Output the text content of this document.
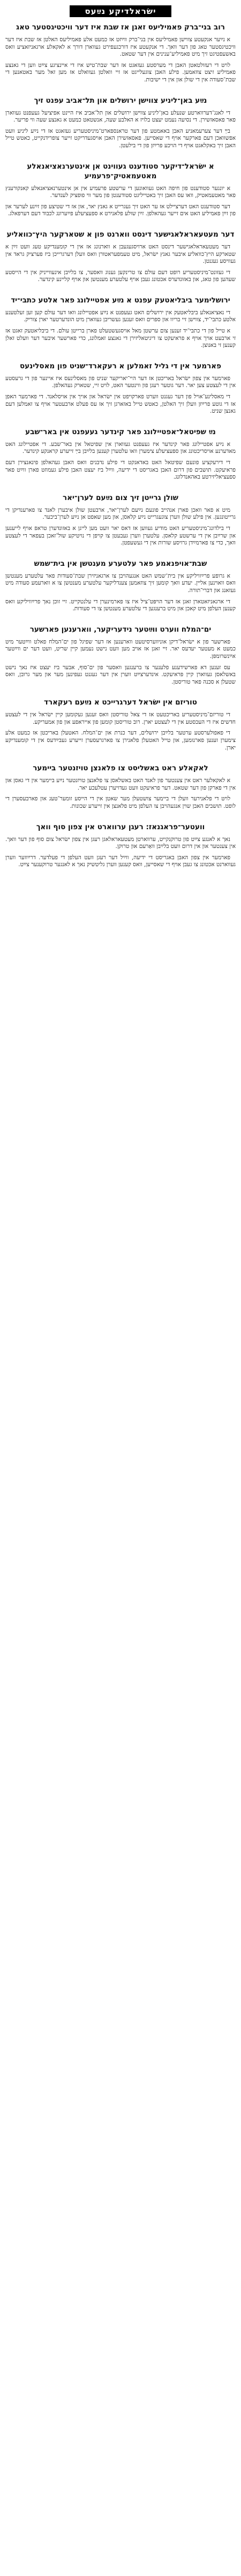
ישׂראלדיקע נײַעס
רוב בני־ברק פאמיליעס זאגן אז שבת איז דער וויכטיגסטער טאג

א נײַער אנקעטע צווישן פאמיליעס אין בני־ברק ווײַזט אז כמעט אלע פאמיליעס האלטן אז שבת איז דער וויכטיגסטער טאג פון דער וואך. די אנקעטע איז דורכגעפירט געווארן דורך א לאקאלע ארגאניזאציע וואס באשעפטיגט זיך מיט פאמיליע־ענינים אין דער שטאט.

לויט די רעזולטאטן האבן די מערסטע געזאגט אז דער שבת־טיש איז די איינציגע צײַט ווען די גאנצע פאמיליע זיצט צוזאמען. פילע האבן צוגעלייגט אז זיי וואלטן געוואלט אז מען זאל מער באטאנען די שבת־סעודה אין די שולן און אין די ישיבות.

נײַע באן־ליניע צווישן ירושלים און תל־אביב עפנט זיך

די לאנג־דערווארטע שנעלע באן־ליניע צווישן ירושלים און תל־אביב איז היינט אפיציעל געעפנט געווארן פאר פאסאזשירן. די נסיעה נעמט יעצט בלויז א האלבע שעה, אנשטאט כמעט א גאנצע שעה ווי פריער.

בײַ דער צערעמאניע האבן באאמטע פון דער טראנספארט־מיניסטעריע געזאגט אז די נײַע ליניע וועט אפשוואכן דעם פארקער אויף די שאסייען. פאסאזשירן האבן אויסגעדריקט זייער צופרידנקייט, כאטש טייל האבן זיך באקלאגט אויף די הויכע פרײַזן פון די בילעטן.

א ישׂראל־דיקער סטודענט געווינט אן אינטערנאציאנאלע מאטעמאטיק־פרעמיע

א יונגער סטודענט פון חיפה האט געוואונען די ערשטע פרעמיע אין אן אינטערנאציאנאלע קאנקורענץ פאר מאטעמאטיק, וואו עס האבן זיך באטייליגט סטודענטן פון מער ווי פופציק לענדער.

דער סטודענט האט דערציילט אז ער האט זיך געגרייט א גאנץ יאר, און אז די שטיצע פון זײַנע לערער און פון זײַן פאמיליע האט אים זייער געהאלפן. זײַן שולע פלאנירט א ספעציעלע פײַערונג לכבוד דעם דערפאלג.

דער מעטעאראלאגישער דינסט ווארנט פון א שטארקער היץ־כוואליע

דער מעטעאראלאגישער דינסט האט ארויסגעגעבן א ווארנונג אז אין די קומענדיקע טעג וועט זײַן א שטארקע היץ־כוואליע איבער גאנץ ישׂראל, מיט טעמפעראטורן וואס וועלן דערגרייכן ביז פערציק גראד אין געוויסע געגנטן.

די געזונט־מיניסטעריע רופט דעם עולם צו טרינקען גענוג וואסער, צו בלײַבן אינעווייניק אין די הייסטע שעהען פון טאג, און באזונדערס אכטונג געבן אויף עלטערע מענטשן און אויף קליינע קינדער.

ירושלימער ביבליאטעק עפנט א נײַע אפטיילונג פאר אלטע כתבי־יד

די נאציאנאלע ביבליאטעק אין ירושלים האט געעפנט א נײַע אפטיילונג וואו דער עולם קען זען זעלטענע אלטע כתבי־יד, צווישן זיי בריוו און ספרים וואס זענען געשריבן געווארן מיט הונדערטער יארן צוריק.

א טייל פון די כתבי־יד זענען צום ערשטן מאל אויסגעשטעלט פארן ברייטן עולם. די ביבליאטעק זאגט אז זי ארבעט אויך אויף א פראיעקט צו דיגיטאליזירן די גאנצע זאמלונג, כדי פארשער איבער דער וועלט זאלן קענען זי באנוצן.

פארמער אין די גליל זאמלען א רעקארד־שניט פון מאסלינעס

פארמער אין צפון ישׂראל באריכטן אז דער היי־יאריקער שניט פון מאסלינעס איז איינער פון די גרעסטע אין די לעצטע צען יאר. דער גוטער רעגן פון ווינטער האט, לויט זיי, שטארק געהאלפן.

די מאסלינע־אויל פון דער געגנט ווערט פארקויפט אין ישׂראל און אויך אין אויסלאנד. די פארמער האפן אז די גוטע פרײַזן וועלן זיך האלטן, כאטש טייל באזארגן זיך אז עס פעלט ארבעטער אויף צו זאמלען דעם גאנצן שניט.

נײַ שפיטאל־אפטיילונג פאר קינדער געעפנט אין באר־שבע

א נײַע אפטיילונג פאר קינדער איז געעפנט געווארן אין שפיטאל אין באר־שבע. די אפטיילונג האט מאדערנע אויסריכטונג און ספעציעלע צימערן וואו עלטערן קענען בלײַבן בײַ זייערע קראנקע קינדער.

די דירעקציע פונעם שפיטאל האט באדאנקט די פילע נדבנים וואס האבן געהאלפן פינאנצירן דעם פראיעקט. תושבים פון דרום האבן באגריסט די ידיעה, ווײַל ביז יעצט האבן פילע געמוזט פארן ווײַט פאר ספעציאליזירטע באהאנדלונג.

שולן גרייטן זיך צום נײַעם לערן־יאר

מיט א פאר וואכן פארן אנהייב פונעם נײַעם לערן־יאר, ארבעטן שולן איבערן לאנד צו פארענדיקן די גרייטונגען. אין פילע שולן ווערן צוגעגרייט נײַע קלאסן, און מען שאפט אן נײַע לערן־ביכער.

די בילדונג־מיניסטעריע האט מודיע געווען אז דאס יאר וועט מען לייגן א באזונדערן טראפ אויף לייענען און שרײַבן אין די ערשטע קלאסן. עלטערן ווערן געבעטן צו קויפן די נויטיקע שול־זאכן בעפאר די לעצטע וואך, כדי צו פארמײַדן גרויסע שורות אין די געשעפטן.

שבת־אויפנאמע פאר עלטערע מענטשן אין בית־שמש

א גרופע פרײַוויליקע אין בית־שמש האט אנגעהויבן צו ארגאניזירן שבת־סעודות פאר עלטערע מענטשן וואס וואוינען אליין. יעדע וואך קומען זיך צוזאמען צענדליקער עלטערע מענטשן צו א ווארעמע סעודה מיט געזאנג און דברי־תורה.

די ארגאניזאטארן זאגן אז דער הויפּט־ציל איז צו פארמינערן די עלנטקייט. זיי זוכן נאך פרײַוויליקע וואס קענען העלפן מיט קאכן און מיט ברענגען די עלטערע מענטשן צו די סעודות.

ים־המלח ווערט ווײַטער נידעריקער, ווארענען פארשער

פארשער פון א ישׂראל־דיקן אוניווערסיטעט ווארענען אז דער שפיגל פון ים־המלח פאלט ווײַטער מיט כמעט א מעטער יעדעס יאר. זיי זאגן אז אויב מען וועט נישט נעמען קיין שריט, וועט דער ים ווײַטער אײַנשרומפּן.

עס זענען דא פארשידענע פלענער צו ברענגען וואסער פון ים־סוף, אבער ביז יעצט איז נאך נישט באשלאסן געווארן קיין פּראיעקט. אינדערצײַט ווערן אין דער געגנט געפינען מער און מער גרובן, וואס שטעלן א סכנה פאר טוריסטן.

טוריזם אין ישׂראל דערגרייכט א נײַעם רעקארד

די טוריזם־מיניסטעריע באריכטעט אז די צאל טוריסטן וואס זענען געקומען קיין ישׂראל אין די לעצטע חדשים איז די העכסטע אין די לעצטע יארן. רוב טוריסטן קומען פון אייראפע און פון אמעריקע.

די פאפולערסטע ערטער בלײַבן ירושלים, דער כנרת און ים־המלח. האטעלן באריכטן אז כמעט אלע צימערן זענען פארנומען, און טייל האטעלן פלאנירן צו פארגרעסערן זייערע געבײַדעס אין די קומענדיקע יארן.

לאקאלע ראט באשליסט צו פלאנצן טויזנטער ביימער

א לאקאלער ראט אין צענטער פון לאנד האט באשלאסן צו פלאנצן טויזנטער נײַע ביימער אין די גאסן און אין די פארקן פון דער שטאט. דער פראיעקט וועט געדויערן עטלעכע יאר.

לויט די פלאנירער וועלן די ביימער צושטעלן מער שאטן אין די הייסע זומער־טעג און פארבעסערן די לופט. תושבים האבן שוין אנגעהויבן צו העלפן מיט פלאנצן אין זייערע שכונות.

וועטער־פראגנאז: רעגן ערווארט אין צפון סוף וואך

נאך א לאנגע צײַט פון טרוקנקייט, ערווארטן מעטעאראלאגן רעגן אין צפון ישׂראל צום סוף פון דער וואך. אין צענטער און אין דרום וועט בלײַבן וואַרעם און טרוקן.

פארמער אין צפון האבן באגריסט די ידיעה, ווײַל דער רעגן וועט העלפן די פעלדער. דרײַווער ווערן געווארנט אכטונג צו געבן אויף די שאסייען, וואס קענען ווערן גליטשיק נאך א לאנגער טרוקענער צײַט.
